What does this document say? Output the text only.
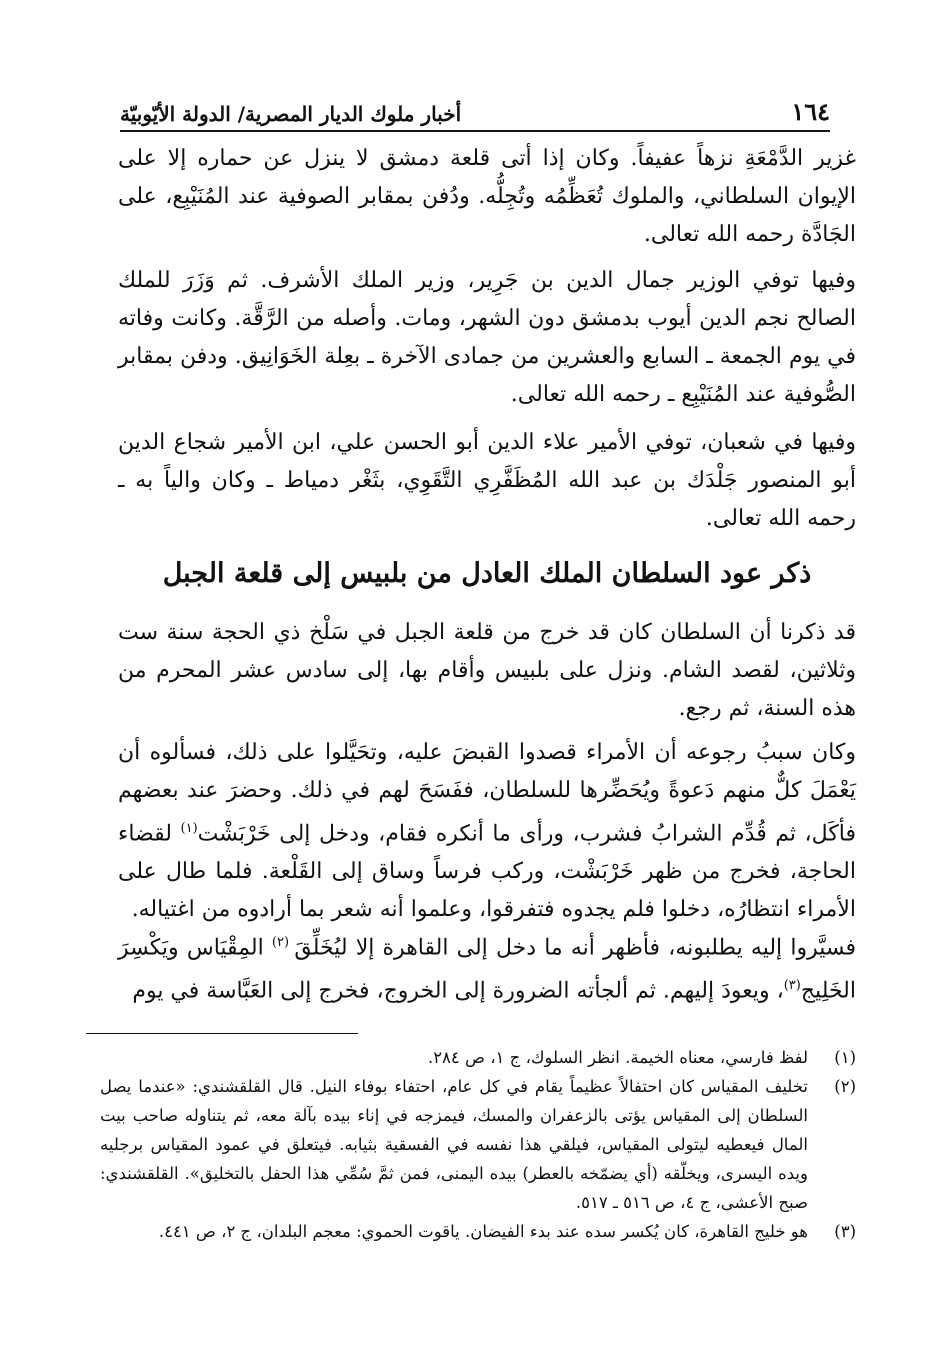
١٦٤
أخبار ملوك الديار المصرية/ الدولة الأيّوبيّة

غزير الدَّمْعَةِ نزهاً عفيفاً. وكان إذا أتى قلعة دمشق لا ينزل عن حماره إلا على الإيوان السلطاني، والملوك تُعَظِّمُه وتُجِلُّه. ودُفن بمقابر الصوفية عند المُنَيْبِع، على الجَادَّة رحمه الله تعالى.

وفيها توفي الوزير جمال الدين بن جَرِير، وزير الملك الأشرف. ثم وَزَرَ للملك الصالح نجم الدين أيوب بدمشق دون الشهر، ومات. وأصله من الرَّقَّة. وكانت وفاته في يوم الجمعة ـ السابع والعشرين من جمادى الآخرة ـ بعِلة الخَوَانِيق. ودفن بمقابر الصُّوفية عند المُنَيْبِع ـ رحمه الله تعالى.

وفيها في شعبان، توفي الأمير علاء الدين أبو الحسن علي، ابن الأمير شجاع الدين أبو المنصور جَلْدَك بن عبد الله المُظَفَّرِي التَّقَوِي، بثَغْر دمياط ـ وكان والياً به ـ رحمه الله تعالى.

ذكر عود السلطان الملك العادل من بلبيس إلى قلعة الجبل

قد ذكرنا أن السلطان كان قد خرج من قلعة الجبل في سَلْخ ذي الحجة سنة ست وثلاثين، لقصد الشام. ونزل على بلبيس وأقام بها، إلى سادس عشر المحرم من هذه السنة، ثم رجع.

وكان سببُ رجوعه أن الأمراء قصدوا القبضَ عليه، وتحَيَّلوا على ذلك، فسألوه أن يَعْمَلَ كلٌّ منهم دَعوةً ويُحَضِّرها للسلطان، ففَسَحَ لهم في ذلك. وحضرَ عند بعضهم فأكَل، ثم قُدِّم الشرابُ فشرب، ورأى ما أنكره فقام، ودخل إلى خَرْبَشْت$^{(١)}$ لقضاء الحاجة، فخرج من ظهر خَرْبَشْت، وركب فرساً وساق إلى القَلْعة. فلما طال على الأمراء انتظارُه، دخلوا فلم يجدوه فتفرقوا، وعلموا أنه شعر بما أرادوه من اغتياله.

فسيَّروا إليه يطلبونه، فأظهر أنه ما دخل إلى القاهرة إلا ليُخَلِّقَ $^{(٢)}$ المِقْيَاس ويَكْسِرَ الخَلِيج$^{(٣)}$، ويعودَ إليهم. ثم ألجأته الضرورة إلى الخروج، فخرج إلى العَبَّاسة في يوم

(١)
لفظ فارسي، معناه الخيمة. انظر السلوك، ج ١، ص ٢٨٤.
(٢)
تخليف المقياس كان احتفالاً عظيماً يقام في كل عام، احتفاء بوفاء النيل. قال القلقشندي: «عندما يصل السلطان إلى المقياس يؤتى بالزعفران والمسك، فيمزجه في إناء بيده بآلة معه، ثم يتناوله صاحب بيت المال فيعطيه ليتولى المقياس، فيلقي هذا نفسه في الفسقية بثيابه. فيتعلق في عمود المقياس برجليه ويده اليسرى، ويخلّقه (أي يضمّخه بالعطر) بيده اليمنى، فمن ثمَّ سُمِّي هذا الحفل بالتخليق». القلقشندي: صبح الأعشى، ج ٤، ص ٥١٦ ـ ٥١٧.
(٣)
هو خليج القاهرة، كان يُكسر سده عند بدء الفيضان. ياقوت الحموي: معجم البلدان، ج ٢، ص ٤٤١.
